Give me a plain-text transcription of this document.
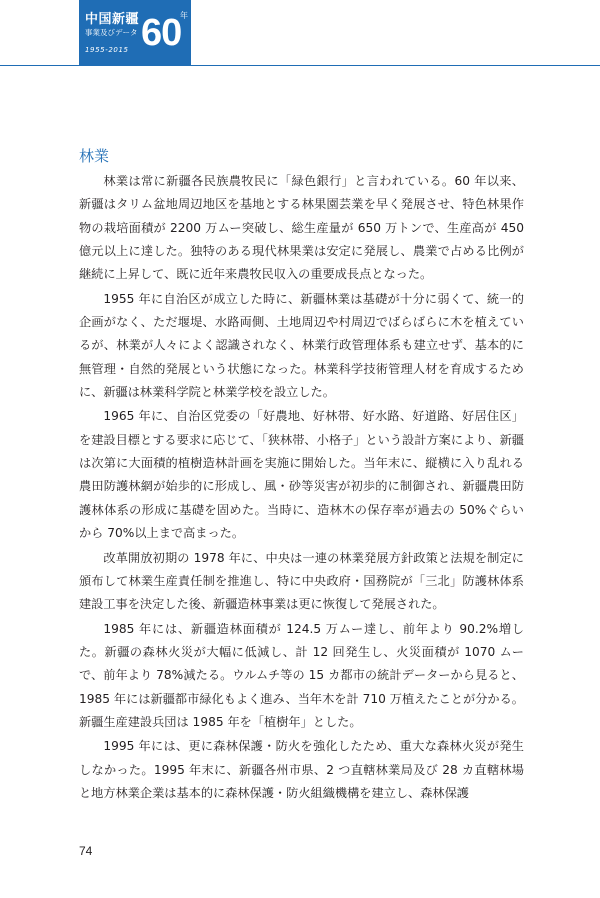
中国新疆
事業及びデータ
1955-2015 60
年
林業

林業は常に新疆各民族農牧民に「緑色銀行」と言われている。60 年以来、新疆はタリム盆地周辺地区を基地とする林果園芸業を早く発展させ、特色林果作物の栽培面積が 2200 万ムー突破し、総生産量が 650 万トンで、生産高が 450 億元以上に達した。独特のある現代林果業は安定に発展し、農業で占める比例が継続に上昇して、既に近年来農牧民収入の重要成長点となった。

1955 年に自治区が成立した時に、新疆林業は基礎が十分に弱くて、統一的企画がなく、ただ堰堤、水路両側、土地周辺や村周辺でばらばらに木を植えているが、林業が人々によく認識されなく、林業行政管理体系も建立せず、基本的に無管理・自然的発展という状態になった。林業科学技術管理人材を育成するために、新疆は林業科学院と林業学校を設立した。

1965 年に、自治区党委の「好農地、好林帯、好水路、好道路、好居住区」を建設目標とする要求に応じて、「狭林帯、小格子」という設計方案により、新疆は次第に大面積的植樹造林計画を実施に開始した。当年末に、縦横に入り乱れる農田防護林網が始歩的に形成し、風・砂等災害が初歩的に制御され、新疆農田防護林体系の形成に基礎を固めた。当時に、造林木の保存率が過去の 50%ぐらいから 70%以上まで高まった。

改革開放初期の 1978 年に、中央は一連の林業発展方針政策と法規を制定に頒布して林業生産責任制を推進し、特に中央政府・国務院が「三北」防護林体系建設工事を決定した後、新疆造林事業は更に恢復して発展された。

1985 年には、新疆造林面積が 124.5 万ムー達し、前年より 90.2%増した。新疆の森林火災が大幅に低減し、計 12 回発生し、火災面積が 1070 ムーで、前年より 78%減たる。ウルムチ等の 15 カ都市の統計データーから見ると、1985 年には新疆都市緑化もよく進み、当年木を計 710 万植えたことが分かる。新疆生産建設兵団は 1985 年を「植樹年」とした。

1995 年には、更に森林保護・防火を強化したため、重大な森林火災が発生しなかった。1995 年末に、新疆各州市県、2 つ直轄林業局及び 28 カ直轄林場と地方林業企業は基本的に森林保護・防火組織機構を建立し、森林保護

74
